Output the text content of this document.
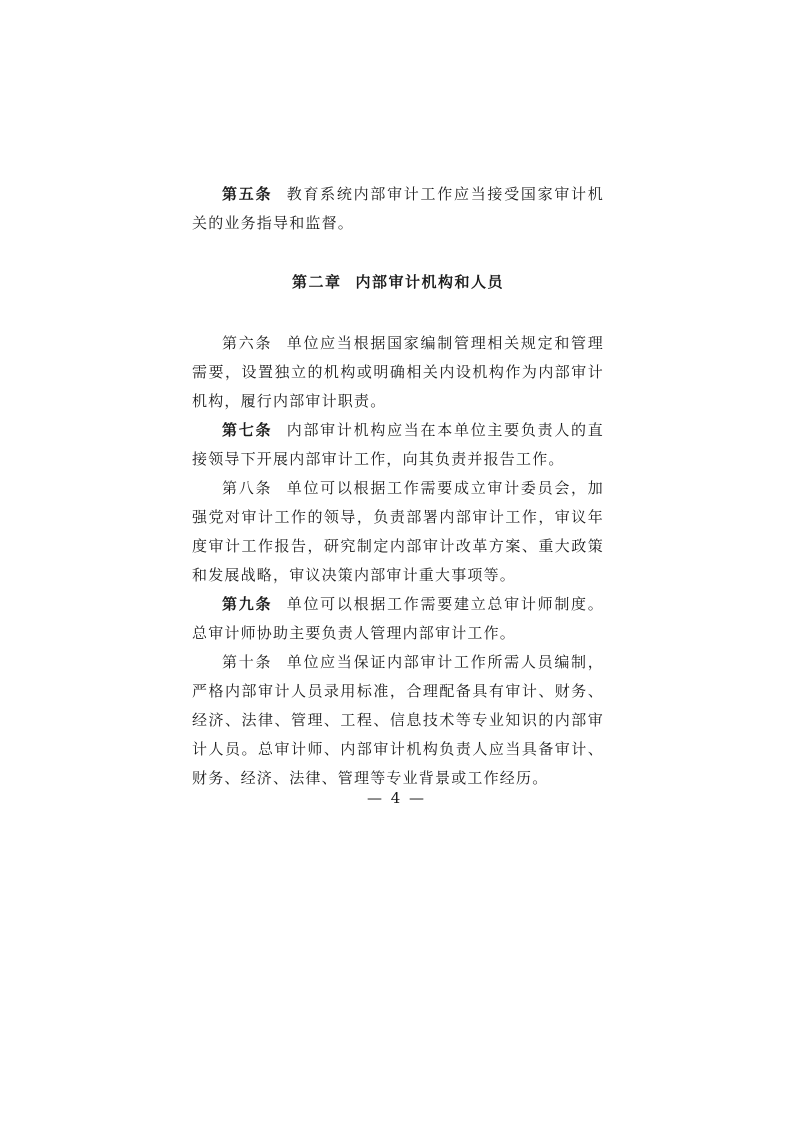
第五条 教育系统内部审计工作应当接受国家审计机关的业务指导和监督。

第二章 内部审计机构和人员

第六条 单位应当根据国家编制管理相关规定和管理需要，设置独立的机构或明确相关内设机构作为内部审计机构，履行内部审计职责。

第七条 内部审计机构应当在本单位主要负责人的直接领导下开展内部审计工作，向其负责并报告工作。

第八条 单位可以根据工作需要成立审计委员会，加强党对审计工作的领导，负责部署内部审计工作，审议年度审计工作报告，研究制定内部审计改革方案、重大政策和发展战略，审议决策内部审计重大事项等。

第九条 单位可以根据工作需要建立总审计师制度。总审计师协助主要负责人管理内部审计工作。

第十条 单位应当保证内部审计工作所需人员编制，严格内部审计人员录用标准，合理配备具有审计、财务、经济、法律、管理、工程、信息技术等专业知识的内部审计人员。总审计师、内部审计机构负责人应当具备审计、财务、经济、法律、管理等专业背景或工作经历。

— 4 —
